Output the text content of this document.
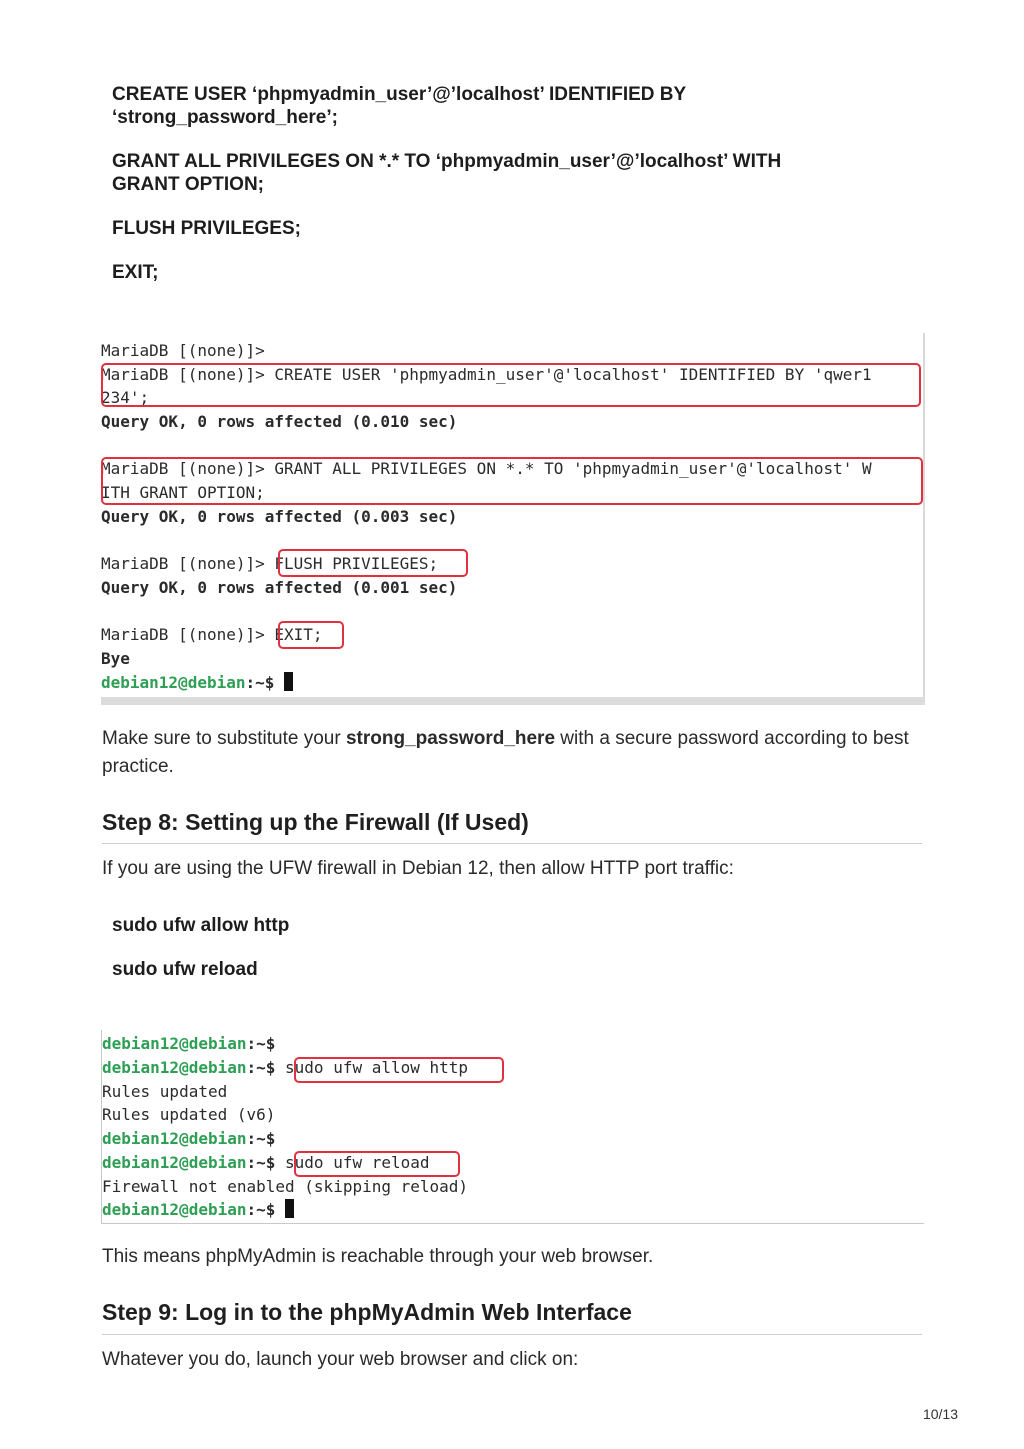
CREATE USER ‘phpmyadmin_user’@’localhost’ IDENTIFIED BY
‘strong_password_here’;
GRANT ALL PRIVILEGES ON *.* TO ‘phpmyadmin_user’@’localhost’ WITH
GRANT OPTION;
FLUSH PRIVILEGES;
EXIT;
MariaDB [(none)]>
MariaDB [(none)]> CREATE USER 'phpmyadmin_user'@'localhost' IDENTIFIED BY 'qwer1
234';
Query OK, 0 rows affected (0.010 sec)
MariaDB [(none)]> GRANT ALL PRIVILEGES ON *.* TO 'phpmyadmin_user'@'localhost' W
ITH GRANT OPTION;
Query OK, 0 rows affected (0.003 sec)
MariaDB [(none)]> FLUSH PRIVILEGES;
Query OK, 0 rows affected (0.001 sec)
MariaDB [(none)]> EXIT;
Bye
debian12@debian:~$
Make sure to substitute your strong_password_here with a secure password according to best practice.
Step 8: Setting up the Firewall (If Used)
If you are using the UFW firewall in Debian 12, then allow HTTP port traffic:
sudo ufw allow http
sudo ufw reload
debian12@debian:~$
debian12@debian:~$ sudo ufw allow http
Rules updated
Rules updated (v6)
debian12@debian:~$
debian12@debian:~$ sudo ufw reload
Firewall not enabled (skipping reload)
debian12@debian:~$
This means phpMyAdmin is reachable through your web browser.
Step 9: Log in to the phpMyAdmin Web Interface
Whatever you do, launch your web browser and click on:
10/13
